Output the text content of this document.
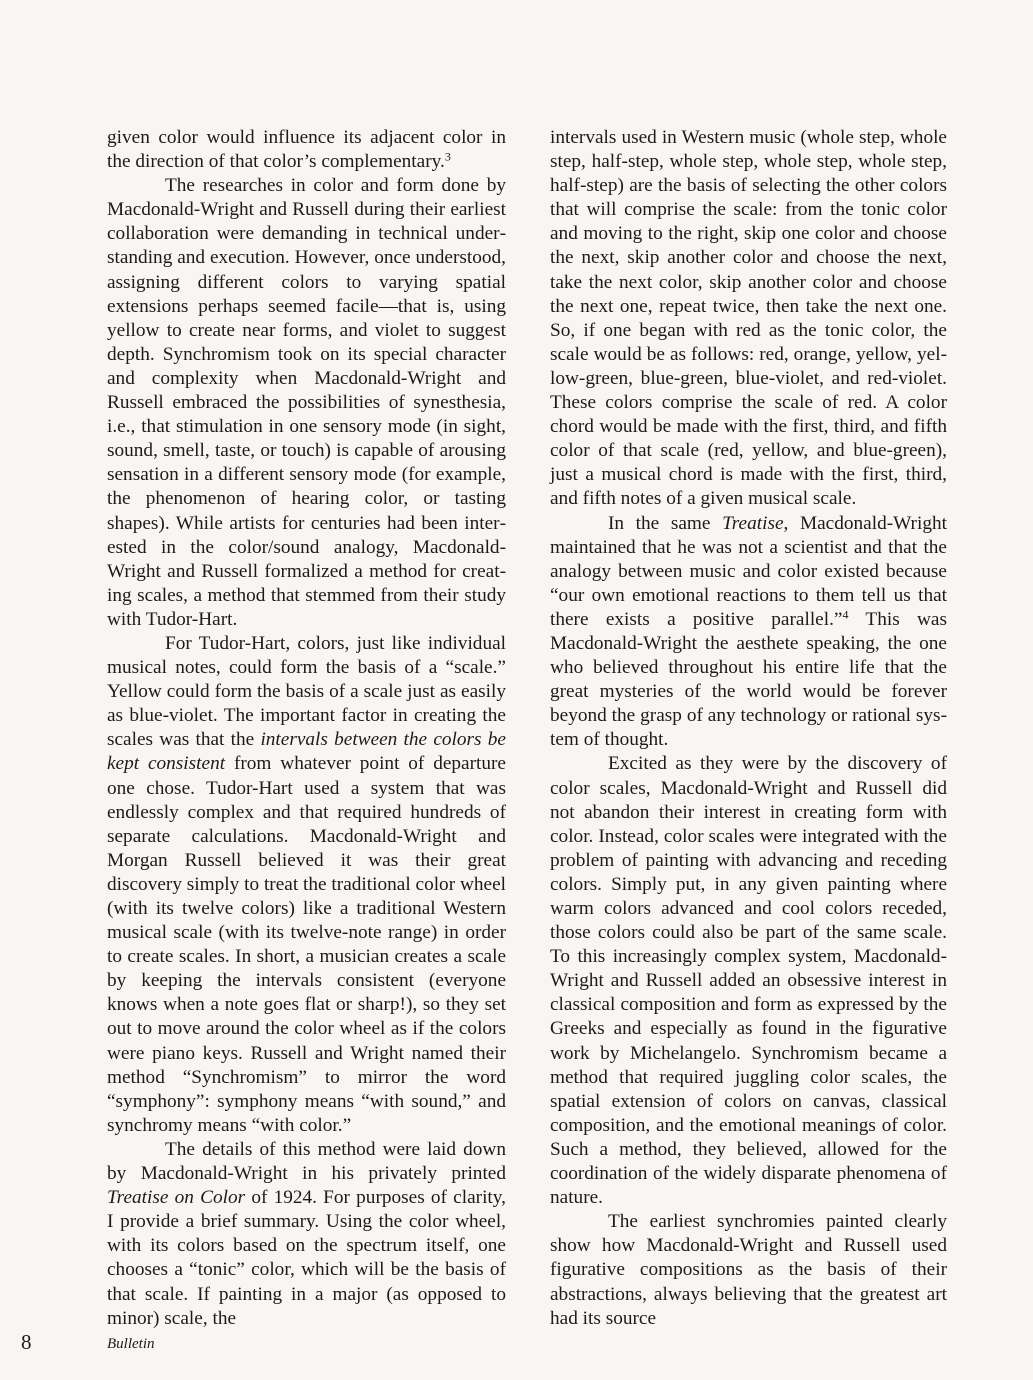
given color would influence its adjacent color in the direction of that color’s complementary.$^3$

The researches in color and form done by Macdonald-Wright and Russell during their earliest collaboration were demanding in technical understanding and execution. However, once understood, assigning different colors to varying spatial extensions perhaps seemed facile—that is, using yellow to create near forms, and violet to suggest depth. Synchromism took on its special character and complexity when Macdonald-Wright and Russell embraced the possibilities of synesthesia, i.e., that stimulation in one sensory mode (in sight, sound, smell, taste, or touch) is capable of arousing sensation in a different sensory mode (for example, the phenomenon of hearing color, or tasting shapes). While artists for centuries had been interested in the color/sound analogy, Macdonald-Wright and Russell formalized a method for creating scales, a method that stemmed from their study with Tudor-Hart.

For Tudor-Hart, colors, just like individual musical notes, could form the basis of a “scale.” Yellow could form the basis of a scale just as easily as blue-violet. The important factor in creating the scales was that the intervals between the colors be kept consistent from whatever point of departure one chose. Tudor-Hart used a system that was endlessly complex and that required hundreds of separate calculations. Macdonald-Wright and Morgan Russell believed it was their great discovery simply to treat the traditional color wheel (with its twelve colors) like a traditional Western musical scale (with its twelve-note range) in order to create scales. In short, a musician creates a scale by keeping the intervals consistent (everyone knows when a note goes flat or sharp!), so they set out to move around the color wheel as if the colors were piano keys. Russell and Wright named their method “Synchromism” to mirror the word “symphony”: symphony means “with sound,” and synchromy means “with color.”

The details of this method were laid down by Macdonald-Wright in his privately printed Treatise on Color of 1924. For purposes of clarity, I provide a brief summary. Using the color wheel, with its colors based on the spectrum itself, one chooses a “tonic” color, which will be the basis of that scale. If painting in a major (as opposed to minor) scale, the

intervals used in Western music (whole step, whole step, half-step, whole step, whole step, whole step, half-step) are the basis of selecting the other colors that will comprise the scale: from the tonic color and moving to the right, skip one color and choose the next, skip another color and choose the next, take the next color, skip another color and choose the next one, repeat twice, then take the next one. So, if one began with red as the tonic color, the scale would be as follows: red, orange, yellow, yellow-green, blue-green, blue-violet, and red-violet. These colors comprise the scale of red. A color chord would be made with the first, third, and fifth color of that scale (red, yellow, and blue-green), just a musical chord is made with the first, third, and fifth notes of a given musical scale.

In the same Treatise, Macdonald-Wright maintained that he was not a scientist and that the analogy between music and color existed because “our own emotional reactions to them tell us that there exists a positive parallel.”$^4$ This was Macdonald-Wright the aesthete speaking, the one who believed throughout his entire life that the great mysteries of the world would be forever beyond the grasp of any technology or rational system of thought.

Excited as they were by the discovery of color scales, Macdonald-Wright and Russell did not abandon their interest in creating form with color. Instead, color scales were integrated with the problem of painting with advancing and receding colors. Simply put, in any given painting where warm colors advanced and cool colors receded, those colors could also be part of the same scale. To this increasingly complex system, Macdonald-Wright and Russell added an obsessive interest in classical composition and form as expressed by the Greeks and especially as found in the figurative work by Michelangelo. Synchromism became a method that required juggling color scales, the spatial extension of colors on canvas, classical composition, and the emotional meanings of color. Such a method, they believed, allowed for the coordination of the widely disparate phenomena of nature.

The earliest synchromies painted clearly show how Macdonald-Wright and Russell used figurative compositions as the basis of their abstractions, always believing that the greatest art had its source

8	Bulletin
